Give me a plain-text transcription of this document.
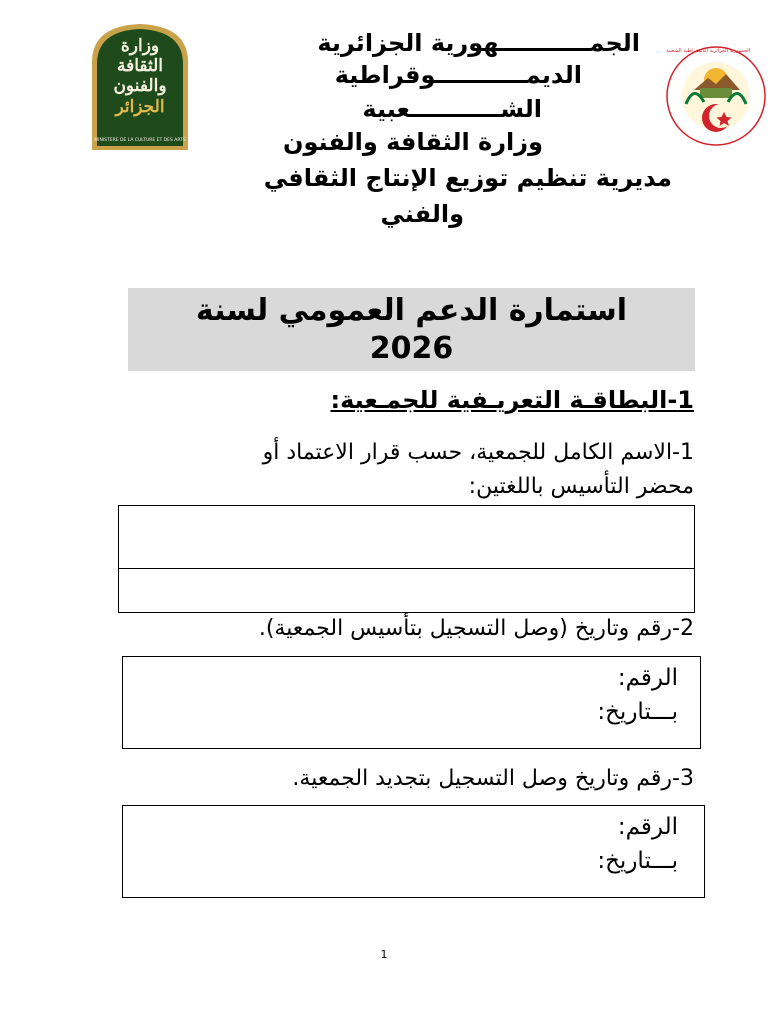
وزارة
الثقافة
والفنون
الجزائر
MINISTERE DE LA CULTURE ET DES ARTS
الجمهورية الجزائرية الديمقراطية الشعبية
الجمـــــــــــهورية الجزائرية
الديمـــــــــــوقراطية
الشـــــــــــعبية
وزارة الثقافة والفنون
مديرية تنظيم توزيع الإنتاج الثقافي
والفني
استمارة الدعم العمومي لسنة
2026
1-البطاقـة التعريـفية للجمـعية:
1-الاسم الكامل للجمعية، حسب قرار الاعتماد أو
محضر التأسيس باللغتين:
2-رقم وتاريخ (وصل التسجيل بتأسيس الجمعية).
الرقم:
بـــتاريخ:
3-رقم وتاريخ وصل التسجيل بتجديد الجمعية.
الرقم:
بـــتاريخ:
1
